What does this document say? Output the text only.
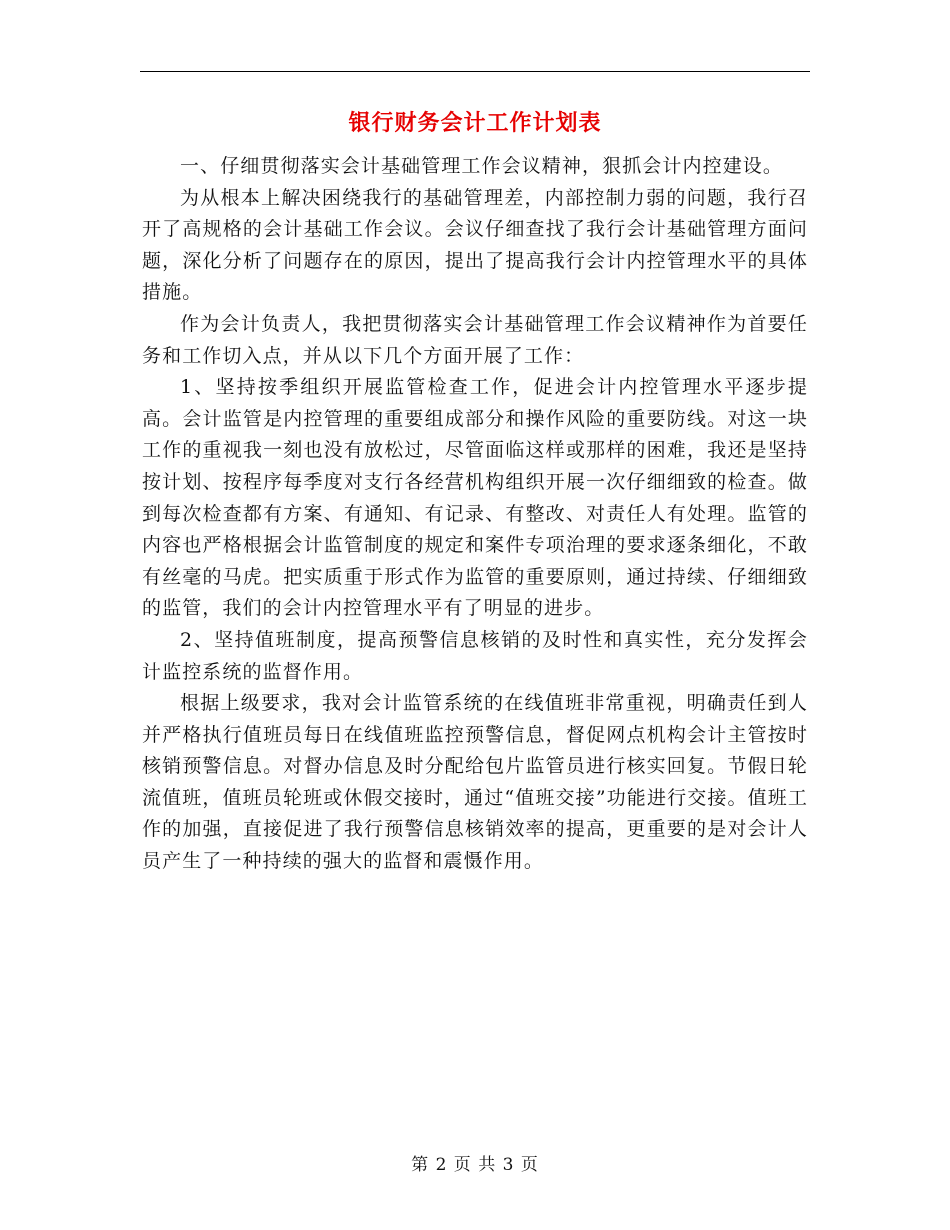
银行财务会计工作计划表

一、仔细贯彻落实会计基础管理工作会议精神，狠抓会计内控建设。

为从根本上解决困绕我行的基础管理差，内部控制力弱的问题，我行召开了高规格的会计基础工作会议。会议仔细查找了我行会计基础管理方面问题，深化分析了问题存在的原因，提出了提高我行会计内控管理水平的具体措施。

作为会计负责人，我把贯彻落实会计基础管理工作会议精神作为首要任务和工作切入点，并从以下几个方面开展了工作：

1、坚持按季组织开展监管检查工作，促进会计内控管理水平逐步提高。会计监管是内控管理的重要组成部分和操作风险的重要防线。对这一块工作的重视我一刻也没有放松过，尽管面临这样或那样的困难，我还是坚持按计划、按程序每季度对支行各经营机构组织开展一次仔细细致的检查。做到每次检查都有方案、有通知、有记录、有整改、对责任人有处理。监管的内容也严格根据会计监管制度的规定和案件专项治理的要求逐条细化，不敢有丝毫的马虎。把实质重于形式作为监管的重要原则，通过持续、仔细细致的监管，我们的会计内控管理水平有了明显的进步。

2、坚持值班制度，提高预警信息核销的及时性和真实性，充分发挥会计监控系统的监督作用。

根据上级要求，我对会计监管系统的在线值班非常重视，明确责任到人并严格执行值班员每日在线值班监控预警信息，督促网点机构会计主管按时核销预警信息。对督办信息及时分配给包片监管员进行核实回复。节假日轮流值班，值班员轮班或休假交接时，通过“值班交接”功能进行交接。值班工作的加强，直接促进了我行预警信息核销效率的提高，更重要的是对会计人员产生了一种持续的强大的监督和震慑作用。

第 2 页 共 3 页
